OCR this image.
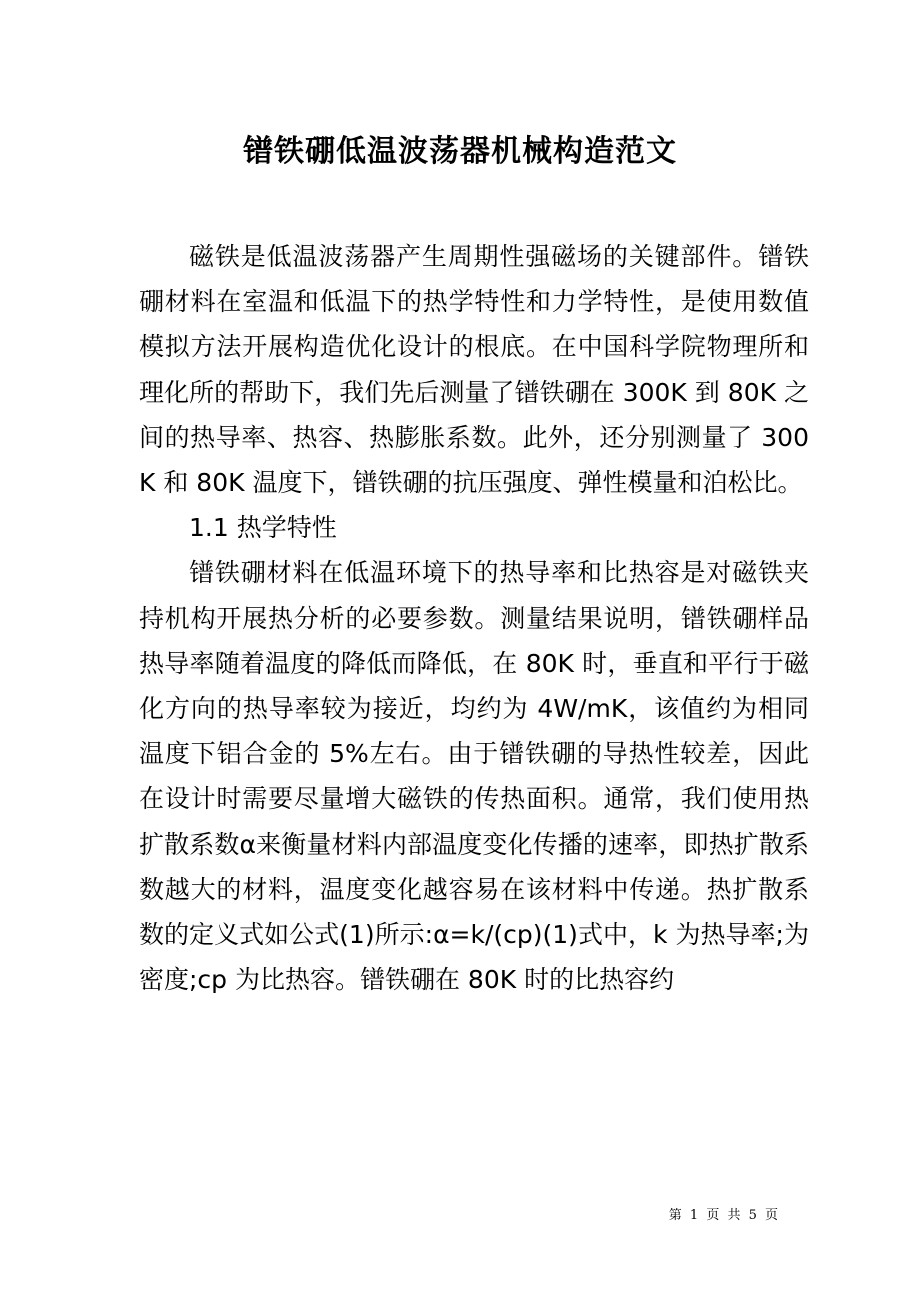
镨铁硼低温波荡器机械构造范文

磁铁是低温波荡器产生周期性强磁场的关键部件。镨铁硼材料在室温和低温下的热学特性和力学特性，是使用数值模拟方法开展构造优化设计的根底。在中国科学院物理所和理化所的帮助下，我们先后测量了镨铁硼在 300K 到 80K 之间的热导率、热容、热膨胀系数。此外，还分别测量了 300K 和 80K 温度下，镨铁硼的抗压强度、弹性模量和泊松比。

1.1 热学特性

镨铁硼材料在低温环境下的热导率和比热容是对磁铁夹持机构开展热分析的必要参数。测量结果说明，镨铁硼样品热导率随着温度的降低而降低，在 80K 时，垂直和平行于磁化方向的热导率较为接近，均约为 4W/mK，该值约为相同温度下铝合金的 5%左右。由于镨铁硼的导热性较差，因此在设计时需要尽量增大磁铁的传热面积。通常，我们使用热扩散系数α来衡量材料内部温度变化传播的速率，即热扩散系数越大的材料，温度变化越容易在该材料中传递。热扩散系数的定义式如公式(1)所示:α=k/(cp)(1)式中，k 为热导率;为密度;cp 为比热容。镨铁硼在 80K 时的比热容约

第 1 页 共 5 页
